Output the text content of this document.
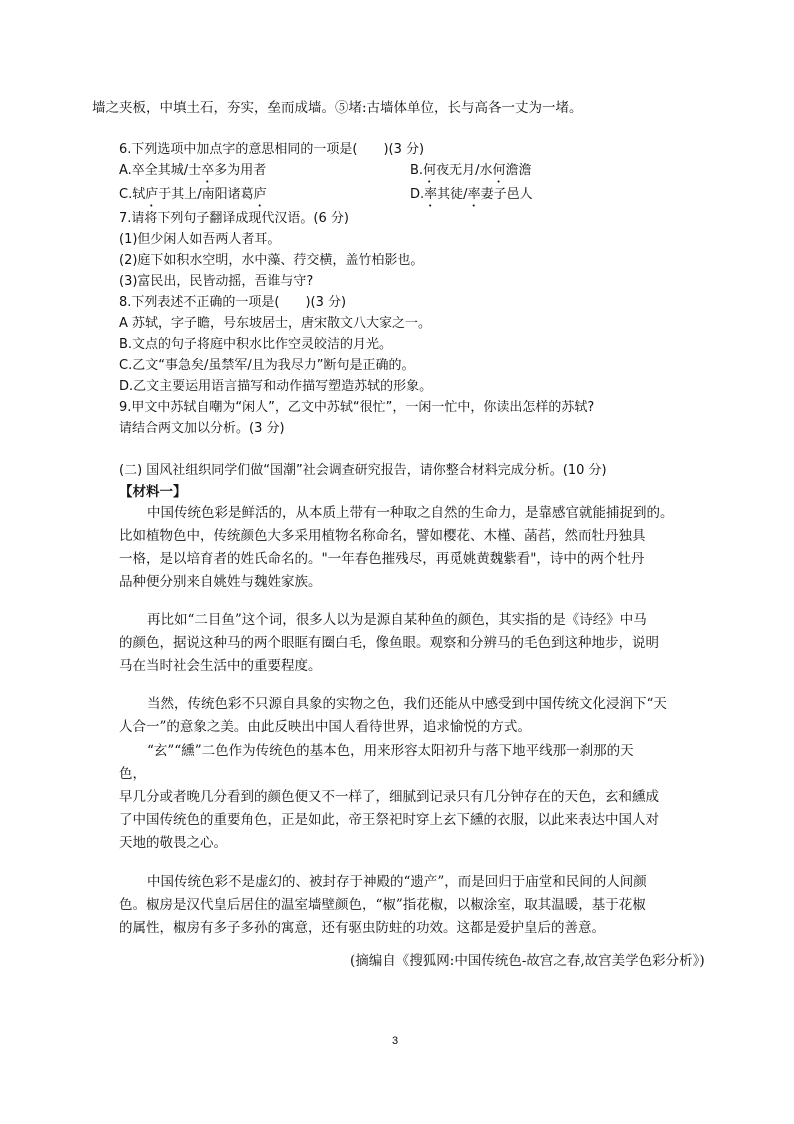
墙之夹板，中填土石，夯实，垒而成墙。⑤堵:古墙体单位，长与高各一丈为一堵。
6.下列选项中加点字的意思相同的一项是(　　)(3 分)
A.卒全其城/士卒多为用者	B.何夜无月/水何澹澹
C.轼庐于其上/南阳诸葛庐	D.率其徒/率妻子邑人
7.请将下列句子翻译成现代汉语。(6 分)
(1)但少闲人如吾两人者耳。
(2)庭下如积水空明，水中藻、荇交横，盖竹柏影也。
(3)富民出，民皆动摇，吾谁与守?
8.下列表述不正确的一项是(　　)(3 分)
A 苏轼，字子瞻，号东坡居士，唐宋散文八大家之一。
B.文点的句子将庭中积水比作空灵皎洁的月光。
C.乙文“事急矣/虽禁军/且为我尽力”断句是正确的。
D.乙文主要运用语言描写和动作描写塑造苏轼的形象。
9.甲文中苏轼自嘲为“闲人”，乙文中苏轼“很忙”，一闲一忙中，你读出怎样的苏轼?
请结合两文加以分析。(3 分)
(二) 国风社组织同学们做“国潮”社会调查研究报告，请你整合材料完成分析。(10 分)
【材料一】
中国传统色彩是鲜活的，从本质上带有一种取之自然的生命力，是靠感官就能捕捉到的。
比如植物色中，传统颜色大多采用植物名称命名，譬如樱花、木槿、菡萏，然而牡丹独具
一格，是以培育者的姓氏命名的。"一年春色摧残尽，再觅姚黄魏紫看"，诗中的两个牡丹
品种便分别来自姚姓与魏姓家族。
再比如“二目鱼”这个词，很多人以为是源自某种鱼的颜色，其实指的是《诗经》中马
的颜色，据说这种马的两个眼眶有圈白毛，像鱼眼。观察和分辨马的毛色到这种地步，说明
马在当时社会生活中的重要程度。
当然，传统色彩不只源自具象的实物之色，我们还能从中感受到中国传统文化浸润下“天
人合一”的意象之美。由此反映出中国人看待世界，追求愉悦的方式。
“玄”“纁”二色作为传统色的基本色，用来形容太阳初升与落下地平线那一刹那的天
色，
早几分或者晚几分看到的颜色便又不一样了，细腻到记录只有几分钟存在的天色，玄和纁成
了中国传统色的重要角色，正是如此，帝王祭祀时穿上玄下纁的衣服，以此来表达中国人对
天地的敬畏之心。
中国传统色彩不是虚幻的、被封存于神殿的“遗产”，而是回归于庙堂和民间的人间颜
色。椒房是汉代皇后居住的温室墙壁颜色，“椒”指花椒，以椒涂室，取其温暖，基于花椒
的属性，椒房有多子多孙的寓意，还有驱虫防蛀的功效。这都是爱护皇后的善意。
(摘编自《搜狐网:中国传统色-故宫之春,故宫美学色彩分析》)
3
